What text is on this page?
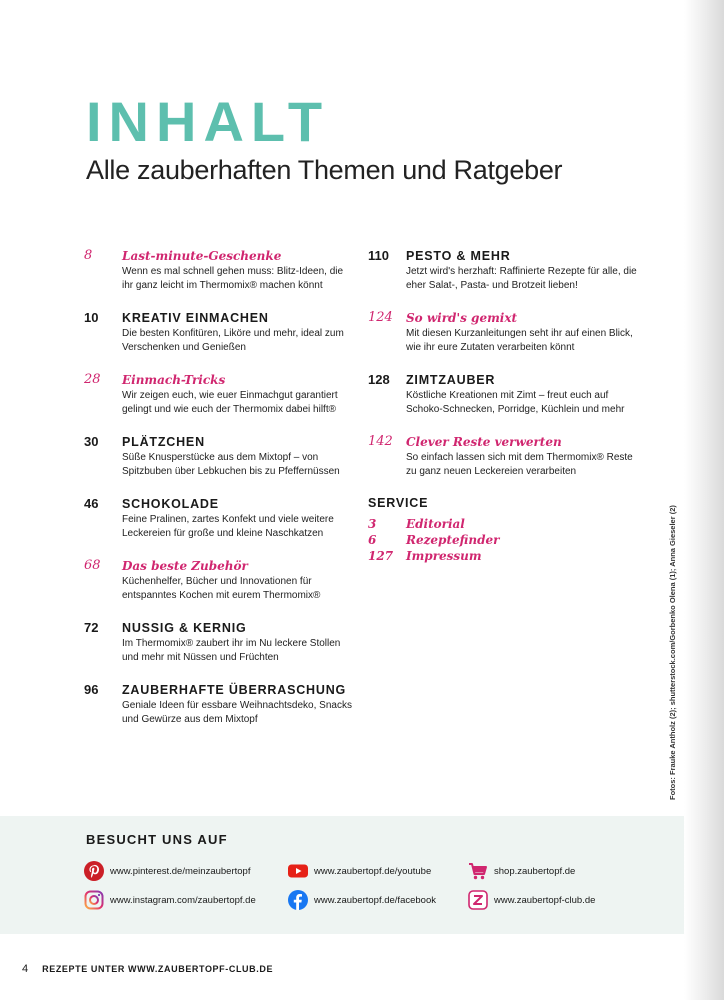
INHALT
Alle zauberhaften Themen und Ratgeber
8	Last-minute-Geschenke
Wenn es mal schnell gehen muss: Blitz-Ideen, die ihr ganz leicht im Thermomix® machen könnt
10	KREATIV EINMACHEN
Die besten Konfitüren, Liköre und mehr, ideal zum Verschenken und Genießen
28	Einmach-Tricks
Wir zeigen euch, wie euer Einmachgut garantiert gelingt und wie euch der Thermomix dabei hilft®
30	PLÄTZCHEN
Süße Knusperstücke aus dem Mixtopf – von Spitzbuben über Lebkuchen bis zu Pfeffernüssen
46	SCHOKOLADE
Feine Pralinen, zartes Konfekt und viele weitere Leckereien für große und kleine Naschkatzen
68	Das beste Zubehör
Küchenhelfer, Bücher und Innovationen für entspanntes Kochen mit eurem Thermomix®
72	NUSSIG & KERNIG
Im Thermomix® zaubert ihr im Nu leckere Stollen und mehr mit Nüssen und Früchten
96	ZAUBERHAFTE ÜBERRASCHUNG
Geniale Ideen für essbare Weihnachtsdeko, Snacks und Gewürze aus dem Mixtopf
110	PESTO & MEHR
Jetzt wird's herzhaft: Raffinierte Rezepte für alle, die eher Salat-, Pasta- und Brotzeit lieben!
124	So wird's gemixt
Mit diesen Kurzanleitungen seht ihr auf einen Blick, wie ihr eure Zutaten verarbeiten könnt
128	ZIMTZAUBER
Köstliche Kreationen mit Zimt – freut euch auf Schoko-Schnecken, Porridge, Küchlein und mehr
142	Clever Reste verwerten
So einfach lassen sich mit dem Thermomix® Reste zu ganz neuen Leckereien verarbeiten
SERVICE
3	Editorial
6	Rezeptefinder
127	Impressum	Fotos: Frauke Antholz (2); shutterstock.com/Gorbenko Olena (1); Anna Gieseler (2)
BESUCHT UNS AUF
www.pinterest.de/meinzaubertopf	www.zaubertopf.de/youtube	shop.zaubertopf.de
www.instagram.com/zaubertopf.de	www.zaubertopf.de/facebook	www.zaubertopf-club.de
4 REZEPTE UNTER WWW.ZAUBERTOPF-CLUB.DE
